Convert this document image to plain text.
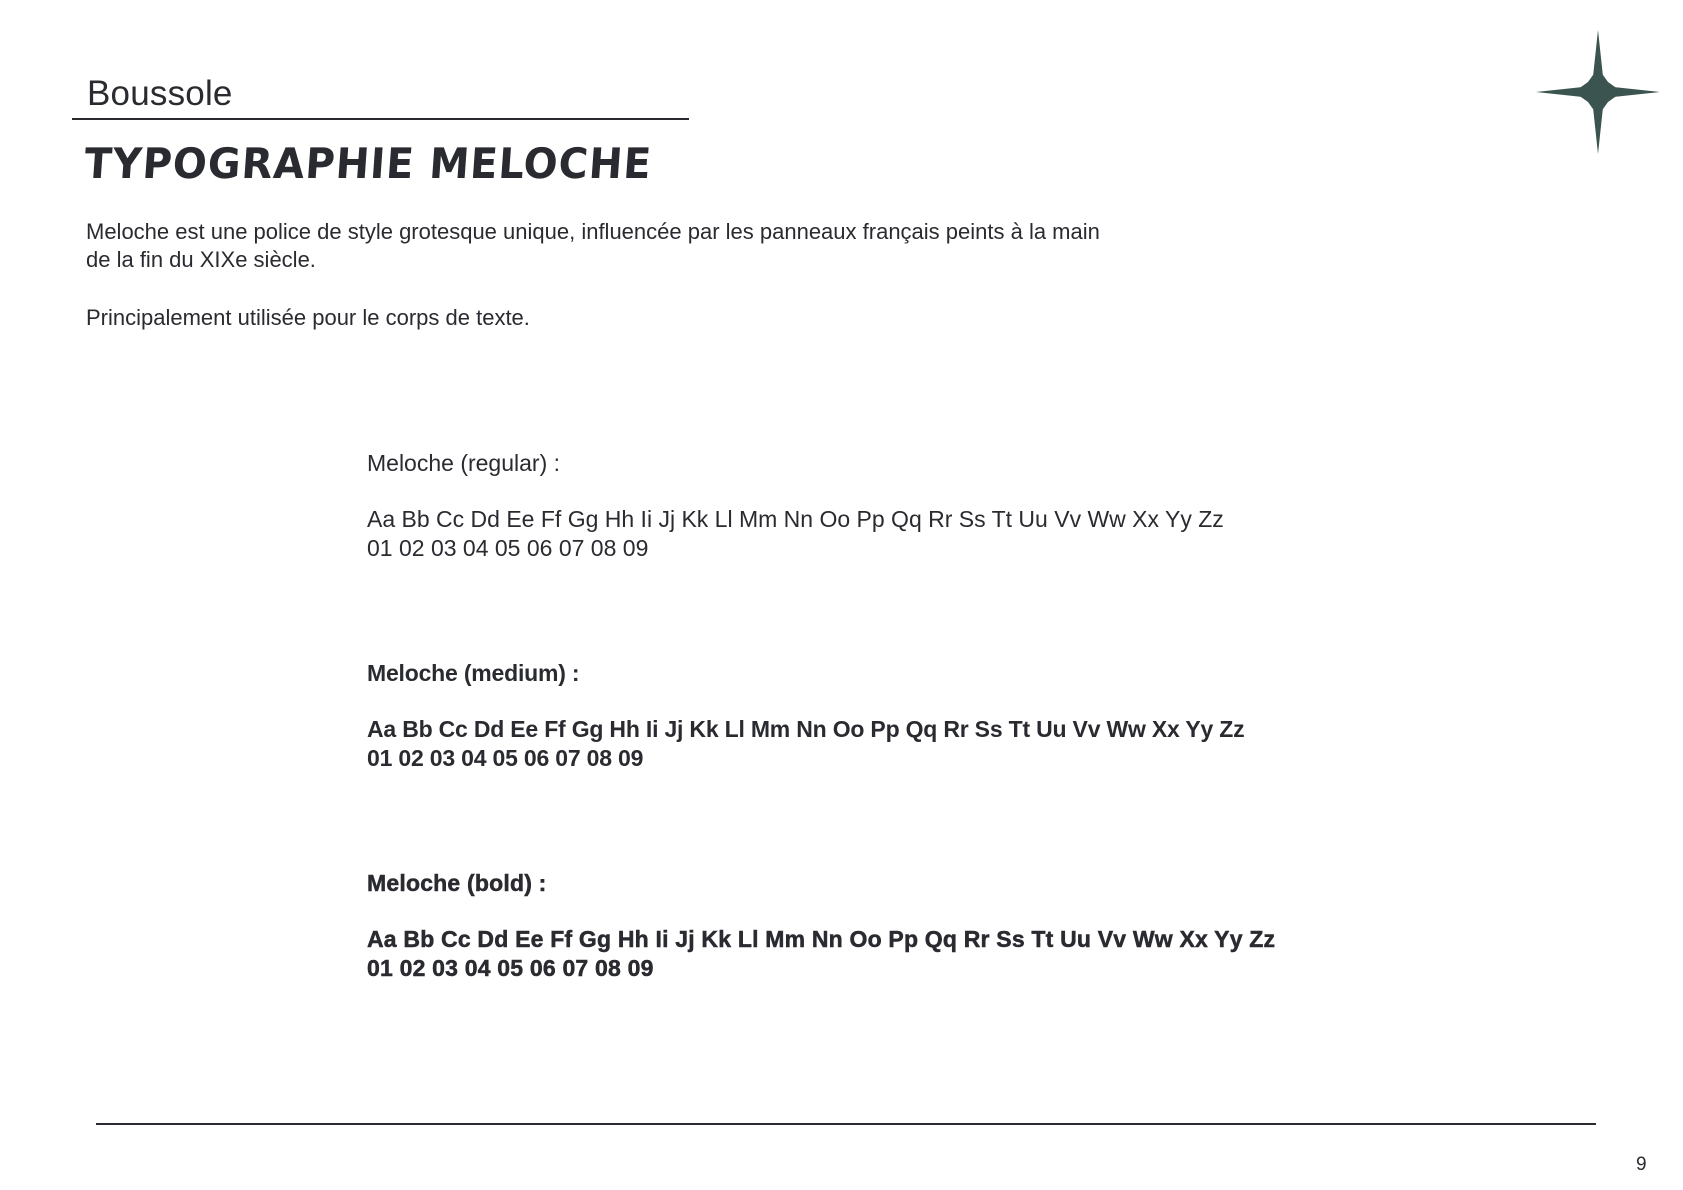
Boussole
TYPOGRAPHIE MELOCHE

Meloche est une police de style grotesque unique, influencée par les panneaux français peints à la main
de la fin du XIXe siècle.

Principalement utilisée pour le corps de texte.

Meloche (regular) :

Aa Bb Cc Dd Ee Ff Gg Hh Ii Jj Kk Ll Mm Nn Oo Pp Qq Rr Ss Tt Uu Vv Ww Xx Yy Zz

01 02 03 04 05 06 07 08 09

Meloche (medium) :

Aa Bb Cc Dd Ee Ff Gg Hh Ii Jj Kk Ll Mm Nn Oo Pp Qq Rr Ss Tt Uu Vv Ww Xx Yy Zz

01 02 03 04 05 06 07 08 09

Meloche (bold) :

Aa Bb Cc Dd Ee Ff Gg Hh Ii Jj Kk Ll Mm Nn Oo Pp Qq Rr Ss Tt Uu Vv Ww Xx Yy Zz

01 02 03 04 05 06 07 08 09

9
